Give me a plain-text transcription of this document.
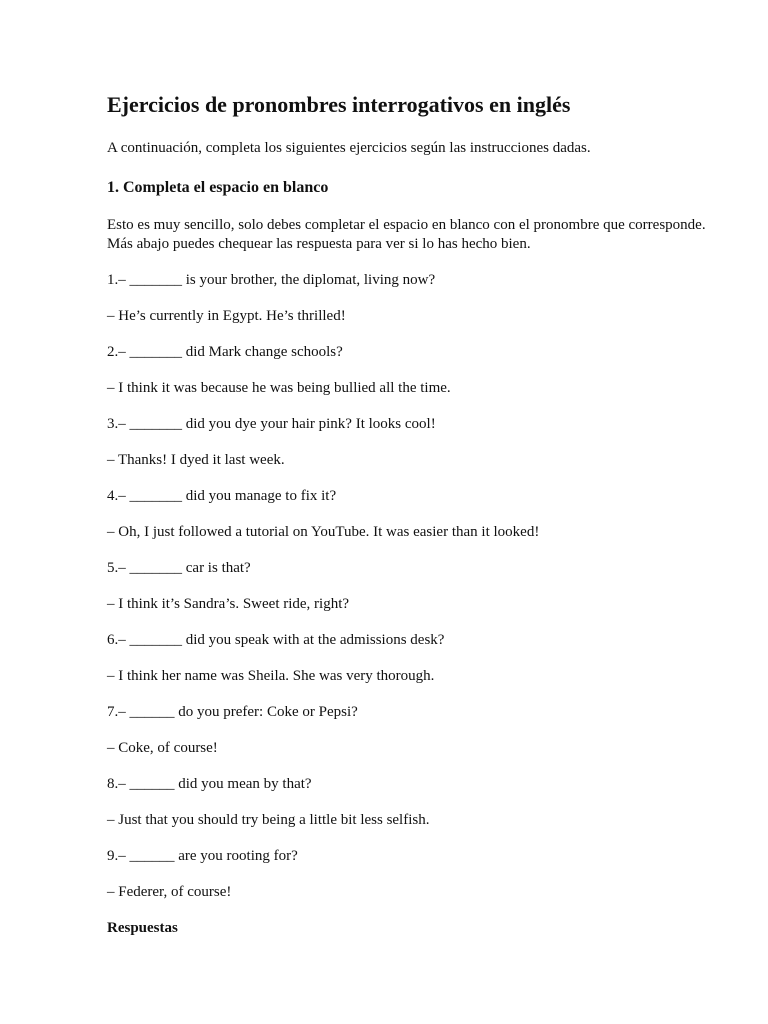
Ejercicios de pronombres interrogativos en inglés

A continuación, completa los siguientes ejercicios según las instrucciones dadas.

1. Completa el espacio en blanco

Esto es muy sencillo, solo debes completar el espacio en blanco con el pronombre que corresponde. Más abajo puedes chequear las respuesta para ver si lo has hecho bien.

1.– _______ is your brother, the diplomat, living now?

– He’s currently in Egypt. He’s thrilled!

2.– _______ did Mark change schools?

– I think it was because he was being bullied all the time.

3.– _______ did you dye your hair pink? It looks cool!

– Thanks! I dyed it last week.

4.– _______ did you manage to fix it?

– Oh, I just followed a tutorial on YouTube. It was easier than it looked!

5.– _______ car is that?

– I think it’s Sandra’s. Sweet ride, right?

6.– _______ did you speak with at the admissions desk?

– I think her name was Sheila. She was very thorough.

7.– ______ do you prefer: Coke or Pepsi?

– Coke, of course!

8.– ______ did you mean by that?

– Just that you should try being a little bit less selfish.

9.– ______ are you rooting for?

– Federer, of course!

Respuestas
